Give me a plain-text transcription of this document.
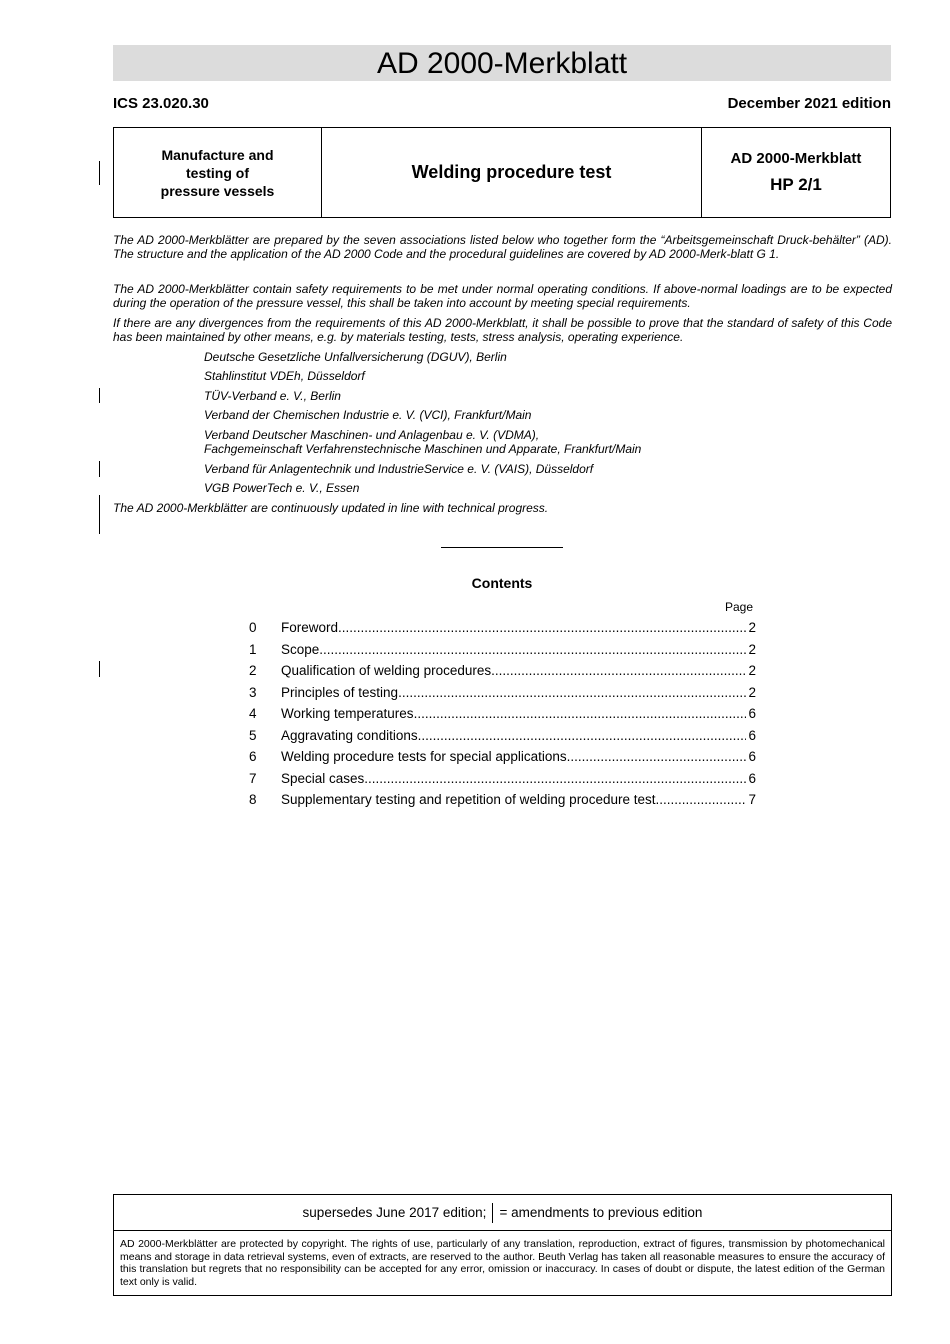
AD 2000-Merkblatt
ICS 23.020.30	December 2021 edition
Manufacture and
testing of
pressure vessels
Welding procedure test
AD 2000-Merkblatt
HP 2/1
The AD 2000-Merkblätter are prepared by the seven associations listed below who together form the “Arbeitsgemeinschaft Druck-behälter” (AD). The structure and the application of the AD 2000 Code and the procedural guidelines are covered by AD 2000-Merk-blatt G 1.
The AD 2000-Merkblätter contain safety requirements to be met under normal operating conditions. If above-normal loadings are to be expected during the operation of the pressure vessel, this shall be taken into account by meeting special requirements.
If there are any divergences from the requirements of this AD 2000-Merkblatt, it shall be possible to prove that the standard of safety of this Code has been maintained by other means, e.g. by materials testing, tests, stress analysis, operating experience.
Deutsche Gesetzliche Unfallversicherung (DGUV), Berlin
Stahlinstitut VDEh, Düsseldorf
TÜV-Verband e. V., Berlin
Verband der Chemischen Industrie e. V. (VCI), Frankfurt/Main
Verband Deutscher Maschinen- und Anlagenbau e. V. (VDMA),
Fachgemeinschaft Verfahrenstechnische Maschinen und Apparate, Frankfurt/Main
Verband für Anlagentechnik und IndustrieService e. V. (VAIS), Düsseldorf
VGB PowerTech e. V., Essen
The AD 2000-Merkblätter are continuously updated in line with technical progress.
Contents
Page
0	Foreword .....	2
1	Scope .....	2
2	Qualification of welding procedures .....	2
3	Principles of testing .....	2
4	Working temperatures .....	6
5	Aggravating conditions .....	6
6	Welding procedure tests for special applications .....	6
7	Special cases .....	6
8	Supplementary testing and repetition of welding procedure test .....	7
supersedes June 2017 edition; = amendments to previous edition
AD 2000-Merkblätter are protected by copyright. The rights of use, particularly of any translation, reproduction, extract of figures, transmission by photomechanical means and storage in data retrieval systems, even of extracts, are reserved to the author. Beuth Verlag has taken all reasonable measures to ensure the accuracy of this translation but regrets that no responsibility can be accepted for any error, omission or inaccuracy. In cases of doubt or dispute, the latest edition of the German text only is valid.
